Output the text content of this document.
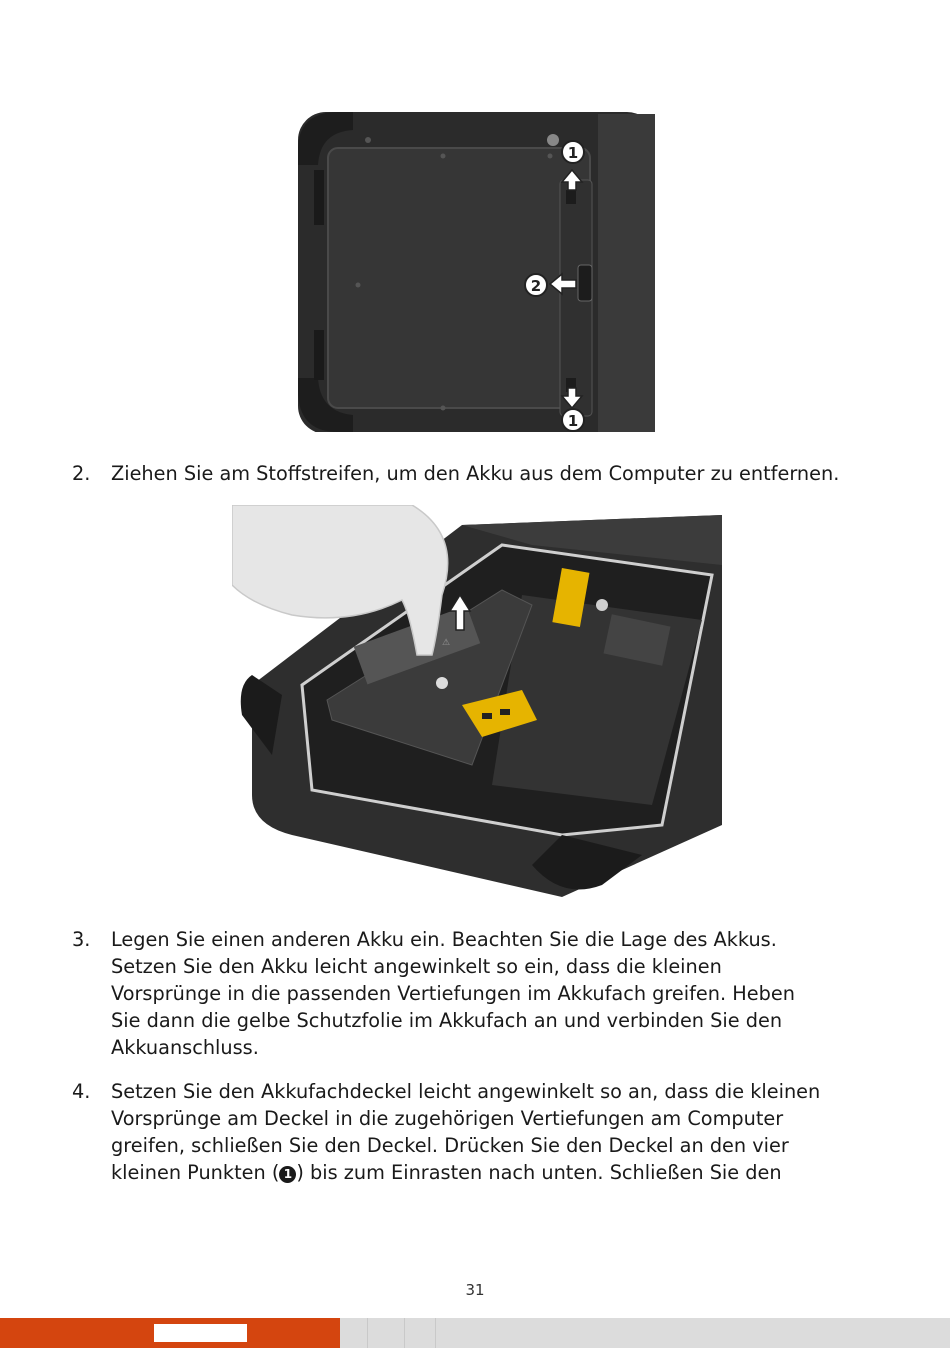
1
2
1
2.	Ziehen Sie am Stoffstreifen, um den Akku aus dem Computer zu entfernen.
⚠
3.	Legen Sie einen anderen Akku ein. Beachten Sie die Lage des Akkus.
Setzen Sie den Akku leicht angewinkelt so ein, dass die kleinen
Vorsprünge in die passenden Vertiefungen im Akkufach greifen. Heben
Sie dann die gelbe Schutzfolie im Akkufach an und verbinden Sie den
Akkuanschluss.
4.	Setzen Sie den Akkufachdeckel leicht angewinkelt so an, dass die kleinen
Vorsprünge am Deckel in die zugehörigen Vertiefungen am Computer
greifen, schließen Sie den Deckel. Drücken Sie den Deckel an den vier
kleinen Punkten ( 1 ) bis zum Einrasten nach unten. Schließen Sie den
31
